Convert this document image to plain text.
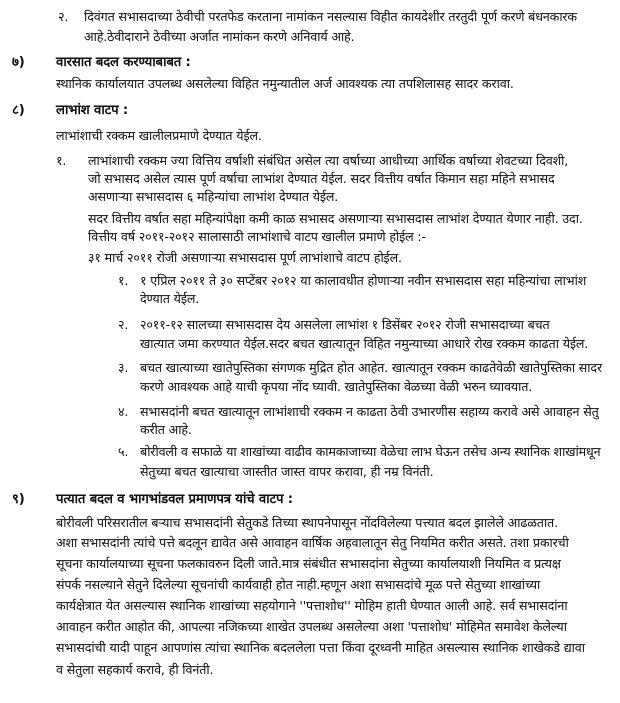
२. दिवंगत सभासदाच्या ठेवीची परतफेड करताना नामांकन नसल्यास विहीत कायदेशीर तरतुदी पूर्ण करणे बंधनकारक
आहे.ठेवीदाराने ठेवीच्या अर्जात नामांकन करणे अनिवार्य आहे.
७) वारसात बदल करण्याबाबत :
स्थानिक कार्यालयात उपलब्ध असलेल्या विहित नमुन्यातील अर्ज आवश्यक त्या तपशिलासह सादर करावा.
८) लाभांश वाटप :
लाभांशाची रक्कम खालीलप्रमाणे देण्यात येईल.
१. लाभांशाची रक्कम ज्या वित्तिय वर्षाशी संबंधित असेल त्या वर्षाच्या आधीच्या आर्थिक वर्षाच्या शेवटच्या दिवशी,
जो सभासद असेल त्यास पूर्ण वर्षाचा लाभांश देण्यात येईल. सदर वित्तीय वर्षात किमान सहा महिने सभासद
असणाऱ्या सभासदास ६ महिन्यांचा लाभांश देण्यात येईल.
सदर वित्तीय वर्षात सहा महिन्यांपेक्षा कमी काळ सभासद असणाऱ्या सभासदास लाभांश देण्यात येणार नाही. उदा.
वित्तीय वर्ष २०११-२०१२ सालासाठी लाभांशाचे वाटप खालील प्रमाणे होईल :-
३१ मार्च २०११ रोजी असणाऱ्या सभासदास पूर्ण लाभांशाचे वाटप होईल.
१. १ एप्रिल २०११ ते ३० सप्टेंबर २०१२ या कालावधीत होणाऱ्या नवीन सभासदास सहा महिन्यांचा लाभांश
देण्यात येईल.
२. २०११-१२ सालच्या सभासदास देय असलेला लाभांश १ डिसेंबर २०१२ रोजी सभासदाच्या बचत
खात्यात जमा करण्यात येईल.सदर बचत खात्यातून विहित नमुन्याच्या आधारे रोख रक्कम काढता येईल.
३. बचत खात्याच्या खातेपुस्तिका संगणक मुद्रित होत आहेत. खात्यातून रक्कम काढतेवेळी खातेपुस्तिका सादर
करणे आवश्यक आहे याची कृपया नोंद घ्यावी. खातेपुस्तिका वेळच्या वेळी भरुन घ्यावयात.
४. सभासदांनी बचत खात्यातून लाभांशाची रक्कम न काढता ठेवी उभारणीस सहाय्य करावे असे आवाहन सेतु
करीत आहे.
५. बोरीवली व सफाळे या शाखांच्या वाढीव कामकाजाच्या वेळेचा लाभ घेऊन तसेच अन्य स्थानिक शाखांमधून
सेतुच्या बचत खात्याचा जास्तीत जास्त वापर करावा, ही नम्र विनंती.
९) पत्यात बदल व भागभांडवल प्रमाणपत्र यांचे वाटप :
बोरीवली परिसरातील बऱ्याच सभासदांनी सेतुकडे तिच्या स्थापनेपासून नोंदविलेल्या पत्त्यात बदल झालेले आढळतात.
अशा सभासदांनी त्यांचे पत्ते बदलून द्यावेत असे आवाहन वार्षिक अहवालातून सेतु नियमित करीत असते. तशा प्रकारची
सूचना कार्यालयाच्या सूचना फलकावरुन दिली जाते.मात्र संबंधीत सभासदांना सेतुच्या कार्यालयाशी नियमित व प्रत्यक्ष
संपर्क नसल्याने सेतुने दिलेल्या सूचनांची कार्यवाही होत नाही.म्हणून अशा सभासदांचे मूळ पत्ते सेतुच्या शाखांच्या
कार्यक्षेत्रात येत असल्यास स्थानिक शाखांच्या सहयोगाने ''पत्ताशोध'' मोहिम हाती घेण्यात आली आहे. सर्व सभासदांना
आवाहन करीत आहोत की, आपल्या नजिकच्या शाखेत उपलब्ध असलेल्या अशा 'पत्ताशोध' मोहिमेत समावेश केलेल्या
सभासदांची यादी पाहून आपणांस त्यांचा स्थानिक बदललेला पत्ता किंवा दूरध्वनी माहित असल्यास स्थानिक शाखेकडे द्यावा
व सेतुला सहकार्य करावे, ही विनंती.
